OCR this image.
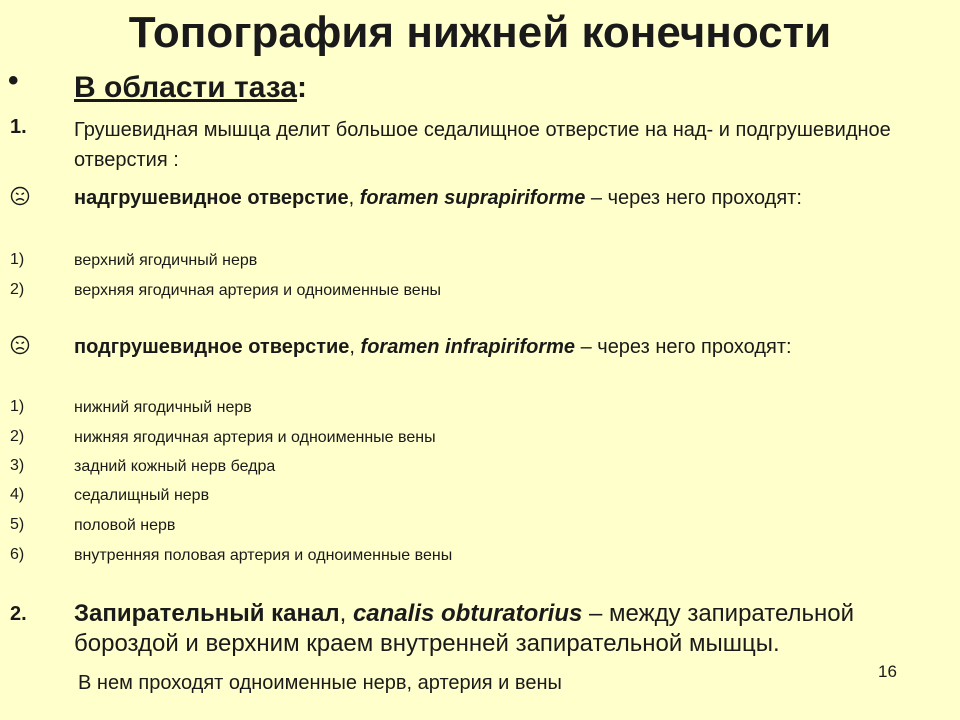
Топография нижней конечности
• В области таза:
1. Грушевидная мышца делит большое седалищное отверстие на над- и подгрушевидное отверстия :
надгрушевидное отверстие, foramen suprapiriforme – через него проходят:
1)	верхний ягодичный нерв
2)	верхняя ягодичная артерия и одноименные вены
подгрушевидное отверстие, foramen infrapiriforme – через него проходят:
1)	нижний ягодичный нерв
2)	нижняя ягодичная артерия и одноименные вены
3)	задний кожный нерв бедра
4)	седалищный нерв
5)	половой нерв
6)	внутренняя половая артерия и одноименные вены
2. Запирательный канал, canalis obturatorius – между запирательной бороздой и верхним краем внутренней запирательной мышцы.
В нем проходят одноименные нерв, артерия и вены
16
